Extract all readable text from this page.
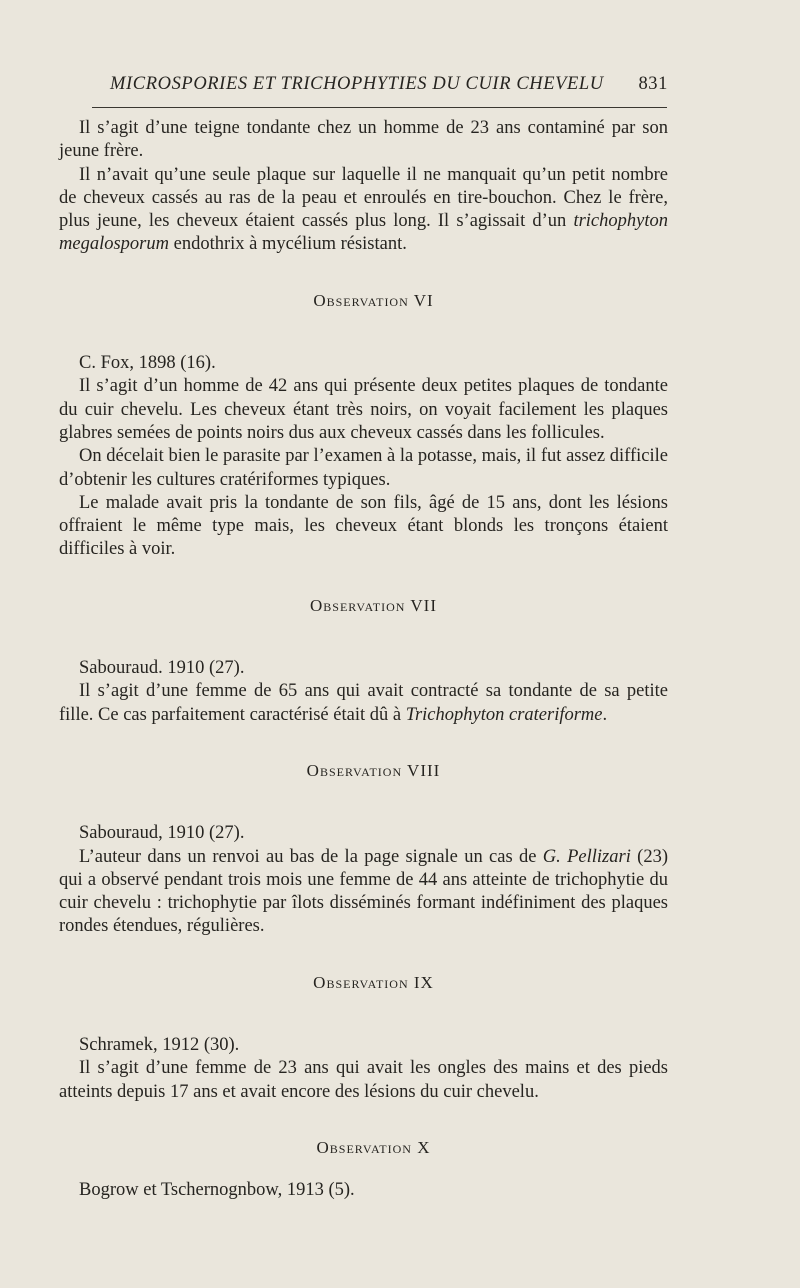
MICROSPORIES ET TRICHOPHYTIES DU CUIR CHEVELU 831

Il s’agit d’une teigne tondante chez un homme de 23 ans contaminé par son jeune frère.

Il n’avait qu’une seule plaque sur laquelle il ne manquait qu’un petit nombre de cheveux cassés au ras de la peau et enroulés en tire-bouchon. Chez le frère, plus jeune, les cheveux étaient cassés plus long. Il s’agissait d’un trichophyton megalosporum endothrix à mycélium résistant.

Observation VI

C. Fox, 1898 (16).

Il s’agit d’un homme de 42 ans qui présente deux petites plaques de tondante du cuir chevelu. Les cheveux étant très noirs, on voyait facilement les plaques glabres semées de points noirs dus aux cheveux cassés dans les follicules.

On décelait bien le parasite par l’examen à la potasse, mais, il fut assez difficile d’obtenir les cultures cratériformes typiques.

Le malade avait pris la tondante de son fils, âgé de 15 ans, dont les lésions offraient le même type mais, les cheveux étant blonds les tronçons étaient difficiles à voir.

Observation VII

Sabouraud. 1910 (27).

Il s’agit d’une femme de 65 ans qui avait contracté sa tondante de sa petite fille. Ce cas parfaitement caractérisé était dû à Trichophyton crateriforme.

Observation VIII

Sabouraud, 1910 (27).

L’auteur dans un renvoi au bas de la page signale un cas de G. Pellizari (23) qui a observé pendant trois mois une femme de 44 ans atteinte de trichophytie du cuir chevelu : trichophytie par îlots disséminés formant indéfiniment des plaques rondes étendues, régulières.

Observation IX

Schramek, 1912 (30).

Il s’agit d’une femme de 23 ans qui avait les ongles des mains et des pieds atteints depuis 17 ans et avait encore des lésions du cuir chevelu.

Observation X

Bogrow et Tschernognbow, 1913 (5).
